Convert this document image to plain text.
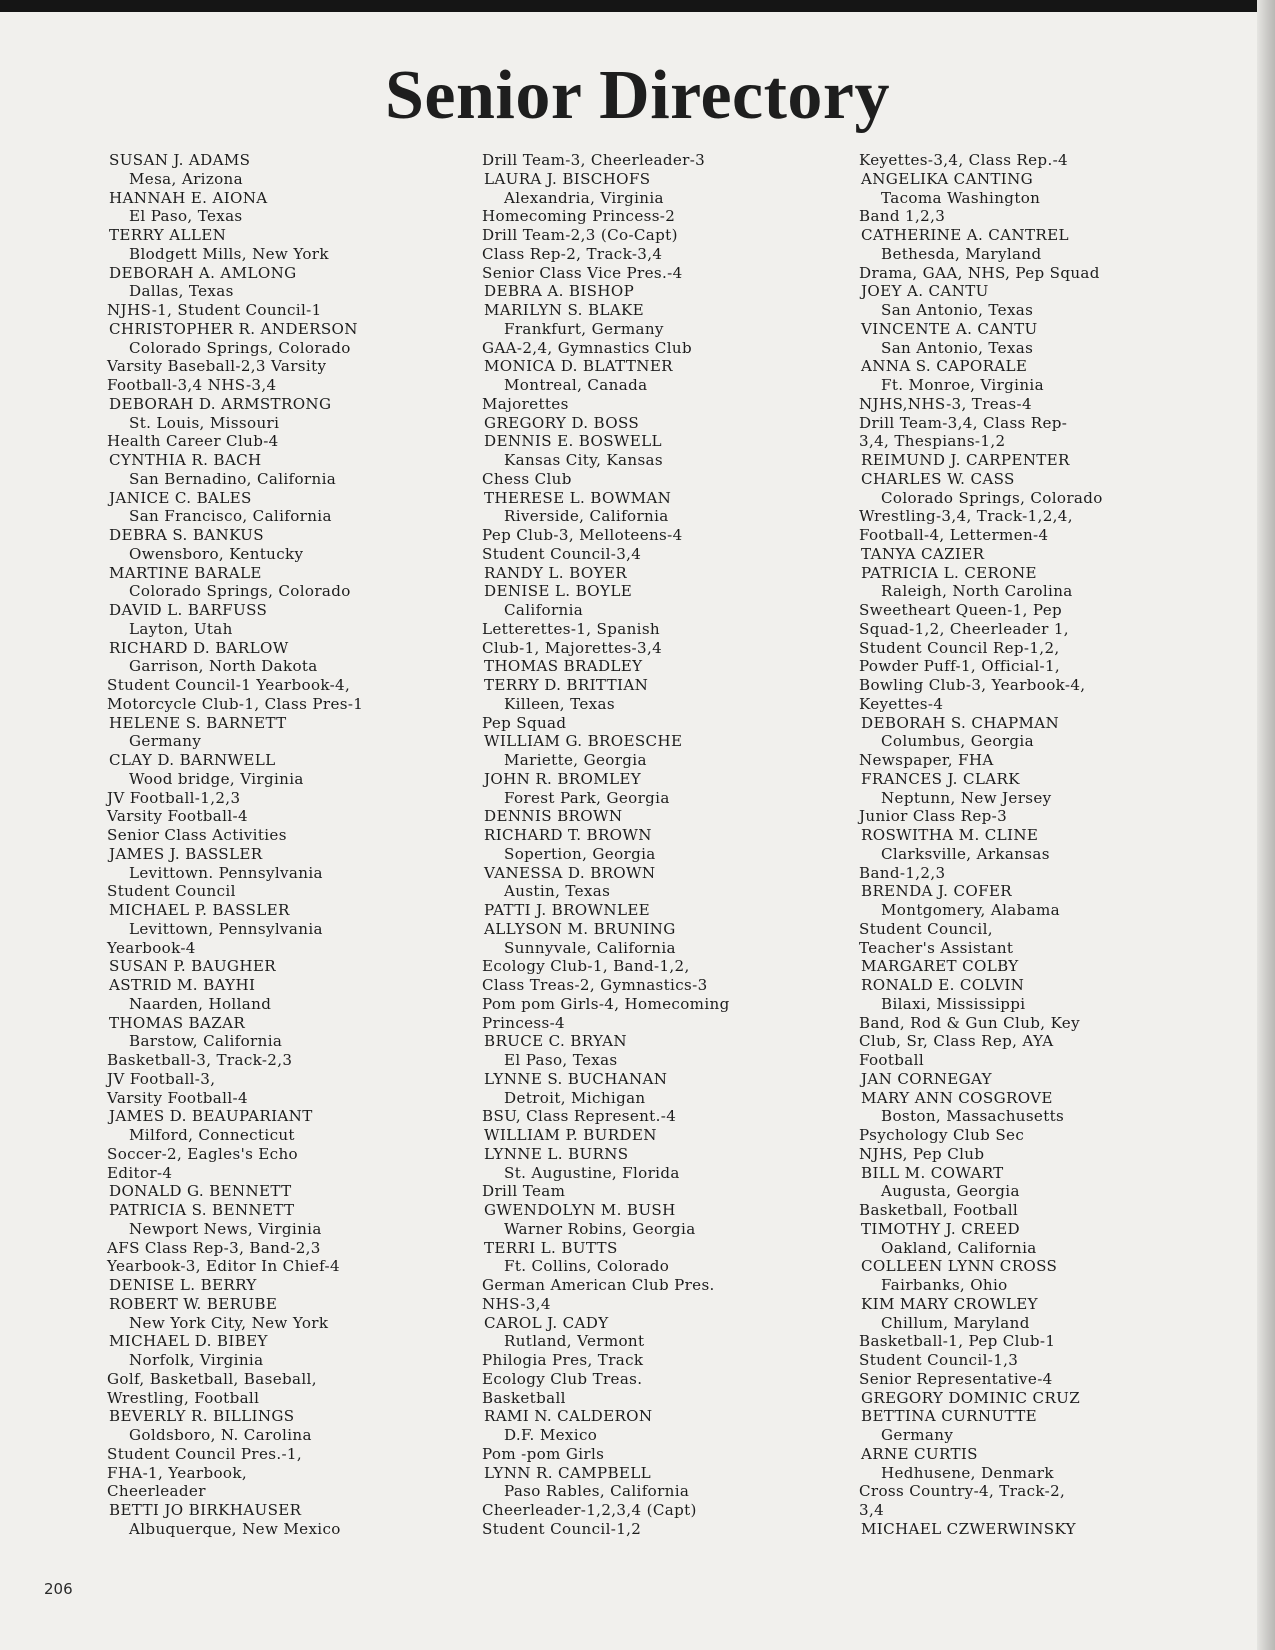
Senior Directory
SUSAN J. ADAMS
Mesa, Arizona
HANNAH E. AIONA
El Paso, Texas
TERRY ALLEN
Blodgett Mills, New York
DEBORAH A. AMLONG
Dallas, Texas
NJHS-1, Student Council-1
CHRISTOPHER R. ANDERSON
Colorado Springs, Colorado
Varsity Baseball-2,3 Varsity
Football-3,4 NHS-3,4
DEBORAH D. ARMSTRONG
St. Louis, Missouri
Health Career Club-4
CYNTHIA R. BACH
San Bernadino, California
JANICE C. BALES
San Francisco, California
DEBRA S. BANKUS
Owensboro, Kentucky
MARTINE BARALE
Colorado Springs, Colorado
DAVID L. BARFUSS
Layton, Utah
RICHARD D. BARLOW
Garrison, North Dakota
Student Council-1 Yearbook-4,
Motorcycle Club-1, Class Pres-1
HELENE S. BARNETT
Germany
CLAY D. BARNWELL
Wood bridge, Virginia
JV Football-1,2,3
Varsity Football-4
Senior Class Activities
JAMES J. BASSLER
Levittown. Pennsylvania
Student Council
MICHAEL P. BASSLER
Levittown, Pennsylvania
Yearbook-4
SUSAN P. BAUGHER
ASTRID M. BAYHI
Naarden, Holland
THOMAS BAZAR
Barstow, California
Basketball-3, Track-2,3
JV Football-3,
Varsity Football-4
JAMES D. BEAUPARIANT
Milford, Connecticut
Soccer-2, Eagles's Echo
Editor-4
DONALD G. BENNETT
PATRICIA S. BENNETT
Newport News, Virginia
AFS Class Rep-3, Band-2,3
Yearbook-3, Editor In Chief-4
DENISE L. BERRY
ROBERT W. BERUBE
New York City, New York
MICHAEL D. BIBEY
Norfolk, Virginia
Golf, Basketball, Baseball,
Wrestling, Football
BEVERLY R. BILLINGS
Goldsboro, N. Carolina
Student Council Pres.-1,
FHA-1, Yearbook,
Cheerleader
BETTI JO BIRKHAUSER
Albuquerque, New Mexico
Drill Team-3, Cheerleader-3
LAURA J. BISCHOFS
Alexandria, Virginia
Homecoming Princess-2
Drill Team-2,3 (Co-Capt)
Class Rep-2, Track-3,4
Senior Class Vice Pres.-4
DEBRA A. BISHOP
MARILYN S. BLAKE
Frankfurt, Germany
GAA-2,4, Gymnastics Club
MONICA D. BLATTNER
Montreal, Canada
Majorettes
GREGORY D. BOSS
DENNIS E. BOSWELL
Kansas City, Kansas
Chess Club
THERESE L. BOWMAN
Riverside, California
Pep Club-3, Melloteens-4
Student Council-3,4
RANDY L. BOYER
DENISE L. BOYLE
California
Letterettes-1, Spanish
Club-1, Majorettes-3,4
THOMAS BRADLEY
TERRY D. BRITTIAN
Killeen, Texas
Pep Squad
WILLIAM G. BROESCHE
Mariette, Georgia
JOHN R. BROMLEY
Forest Park, Georgia
DENNIS BROWN
RICHARD T. BROWN
Sopertion, Georgia
VANESSA D. BROWN
Austin, Texas
PATTI J. BROWNLEE
ALLYSON M. BRUNING
Sunnyvale, California
Ecology Club-1, Band-1,2,
Class Treas-2, Gymnastics-3
Pom pom Girls-4, Homecoming
Princess-4
BRUCE C. BRYAN
El Paso, Texas
LYNNE S. BUCHANAN
Detroit, Michigan
BSU, Class Represent.-4
WILLIAM P. BURDEN
LYNNE L. BURNS
St. Augustine, Florida
Drill Team
GWENDOLYN M. BUSH
Warner Robins, Georgia
TERRI L. BUTTS
Ft. Collins, Colorado
German American Club Pres.
NHS-3,4
CAROL J. CADY
Rutland, Vermont
Philogia Pres, Track
Ecology Club Treas.
Basketball
RAMI N. CALDERON
D.F. Mexico
Pom -pom Girls
LYNN R. CAMPBELL
Paso Rables, California
Cheerleader-1,2,3,4 (Capt)
Student Council-1,2
Keyettes-3,4, Class Rep.-4
ANGELIKA CANTING
Tacoma Washington
Band 1,2,3
CATHERINE A. CANTREL
Bethesda, Maryland
Drama, GAA, NHS, Pep Squad
JOEY A. CANTU
San Antonio, Texas
VINCENTE A. CANTU
San Antonio, Texas
ANNA S. CAPORALE
Ft. Monroe, Virginia
NJHS,NHS-3, Treas-4
Drill Team-3,4, Class Rep-
3,4, Thespians-1,2
REIMUND J. CARPENTER
CHARLES W. CASS
Colorado Springs, Colorado
Wrestling-3,4, Track-1,2,4,
Football-4, Lettermen-4
TANYA CAZIER
PATRICIA L. CERONE
Raleigh, North Carolina
Sweetheart Queen-1, Pep
Squad-1,2, Cheerleader 1,
Student Council Rep-1,2,
Powder Puff-1, Official-1,
Bowling Club-3, Yearbook-4,
Keyettes-4
DEBORAH S. CHAPMAN
Columbus, Georgia
Newspaper, FHA
FRANCES J. CLARK
Neptunn, New Jersey
Junior Class Rep-3
ROSWITHA M. CLINE
Clarksville, Arkansas
Band-1,2,3
BRENDA J. COFER
Montgomery, Alabama
Student Council,
Teacher's Assistant
MARGARET COLBY
RONALD E. COLVIN
Bilaxi, Mississippi
Band, Rod & Gun Club, Key
Club, Sr, Class Rep, AYA
Football
JAN CORNEGAY
MARY ANN COSGROVE
Boston, Massachusetts
Psychology Club Sec
NJHS, Pep Club
BILL M. COWART
Augusta, Georgia
Basketball, Football
TIMOTHY J. CREED
Oakland, California
COLLEEN LYNN CROSS
Fairbanks, Ohio
KIM MARY CROWLEY
Chillum, Maryland
Basketball-1, Pep Club-1
Student Council-1,3
Senior Representative-4
GREGORY DOMINIC CRUZ
BETTINA CURNUTTE
Germany
ARNE CURTIS
Hedhusene, Denmark
Cross Country-4, Track-2,
3,4
MICHAEL CZWERWINSKY
206
